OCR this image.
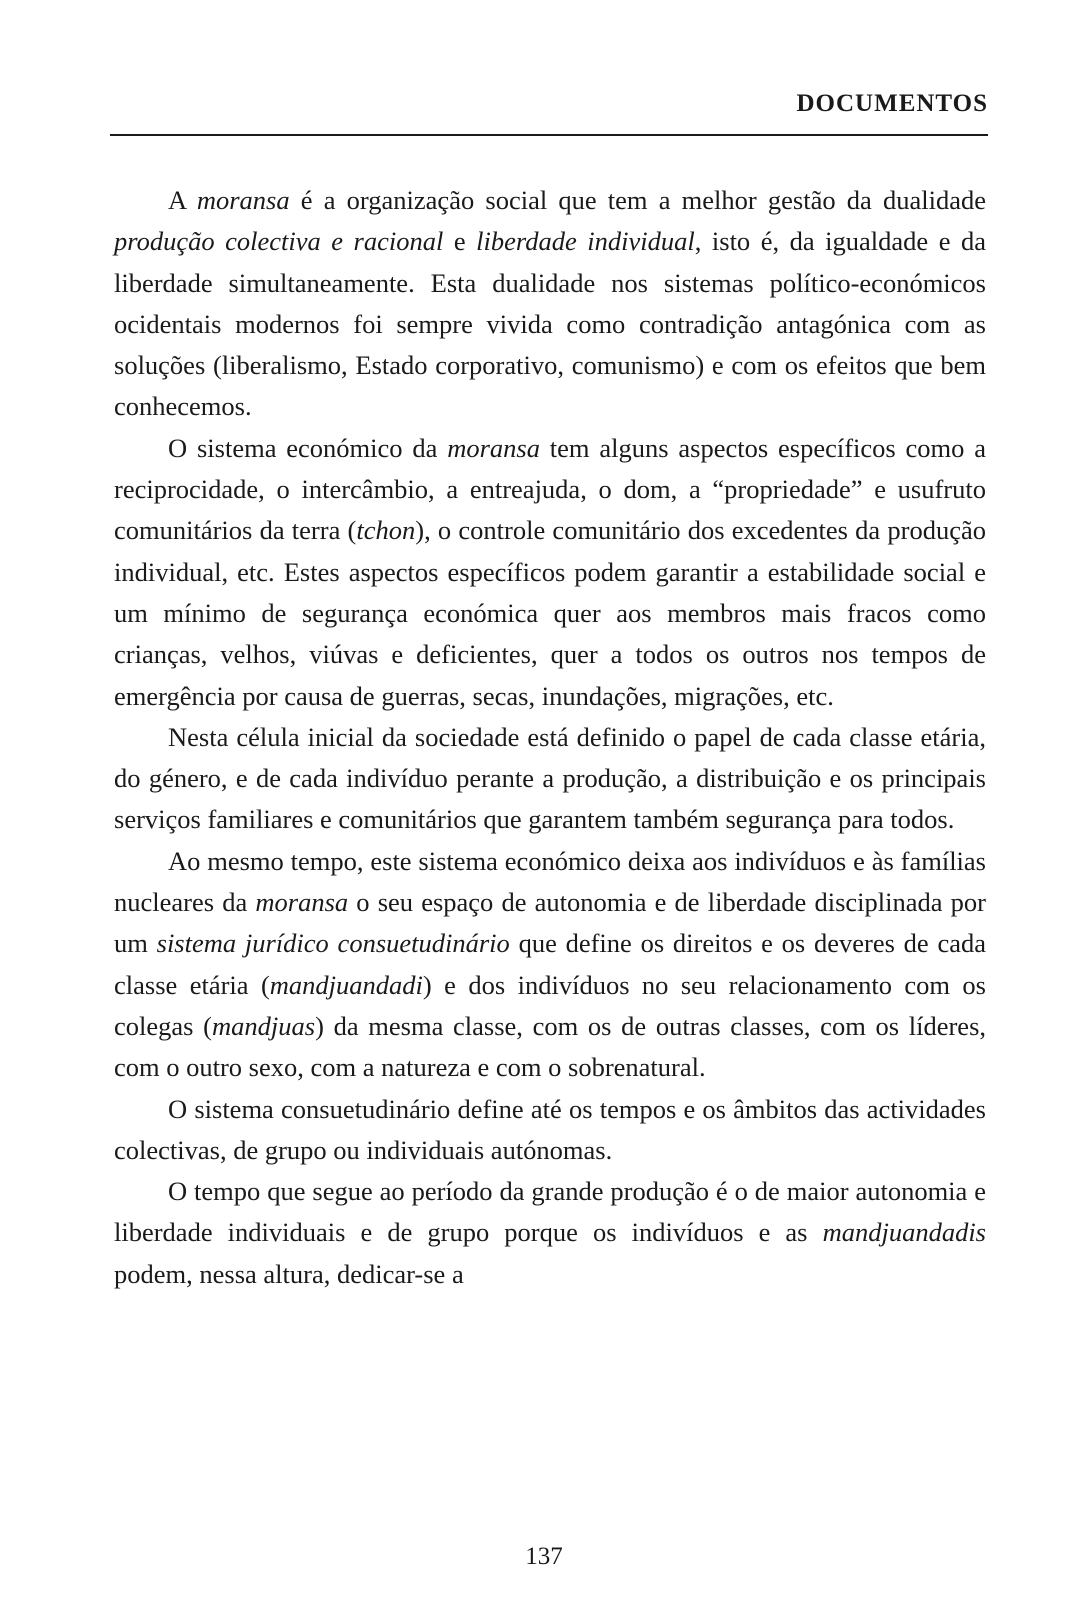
DOCUMENTOS

A moransa é a organização social que tem a melhor gestão da dualidade produção colectiva e racional e liberdade individual, isto é, da igualdade e da liberdade simultaneamente. Esta dualidade nos sistemas político-económicos ocidentais modernos foi sempre vivida como contradição antagónica com as soluções (liberalismo, Estado corporativo, comunismo) e com os efeitos que bem conhecemos.

O sistema económico da moransa tem alguns aspectos específicos como a reciprocidade, o intercâmbio, a entreajuda, o dom, a “propriedade” e usufruto comunitários da terra (tchon), o controle comunitário dos excedentes da produção individual, etc. Estes aspectos específicos podem garantir a estabilidade social e um mínimo de segurança económica quer aos membros mais fracos como crianças, velhos, viúvas e deficientes, quer a todos os outros nos tempos de emergência por causa de guerras, secas, inundações, migrações, etc.

Nesta célula inicial da sociedade está definido o papel de cada classe etária, do género, e de cada indivíduo perante a produção, a distribuição e os principais serviços familiares e comunitários que garantem também segurança para todos.

Ao mesmo tempo, este sistema económico deixa aos indivíduos e às famílias nucleares da moransa o seu espaço de autonomia e de liberdade disciplinada por um sistema jurídico consuetudinário que define os direitos e os deveres de cada classe etária (mandjuandadi) e dos indivíduos no seu relacionamento com os colegas (mandjuas) da mesma classe, com os de outras classes, com os líderes, com o outro sexo, com a natureza e com o sobrenatural.

O sistema consuetudinário define até os tempos e os âmbitos das actividades colectivas, de grupo ou individuais autónomas.

O tempo que segue ao período da grande produção é o de maior autonomia e liberdade individuais e de grupo porque os indivíduos e as mandjuandadis podem, nessa altura, dedicar-se a

137
